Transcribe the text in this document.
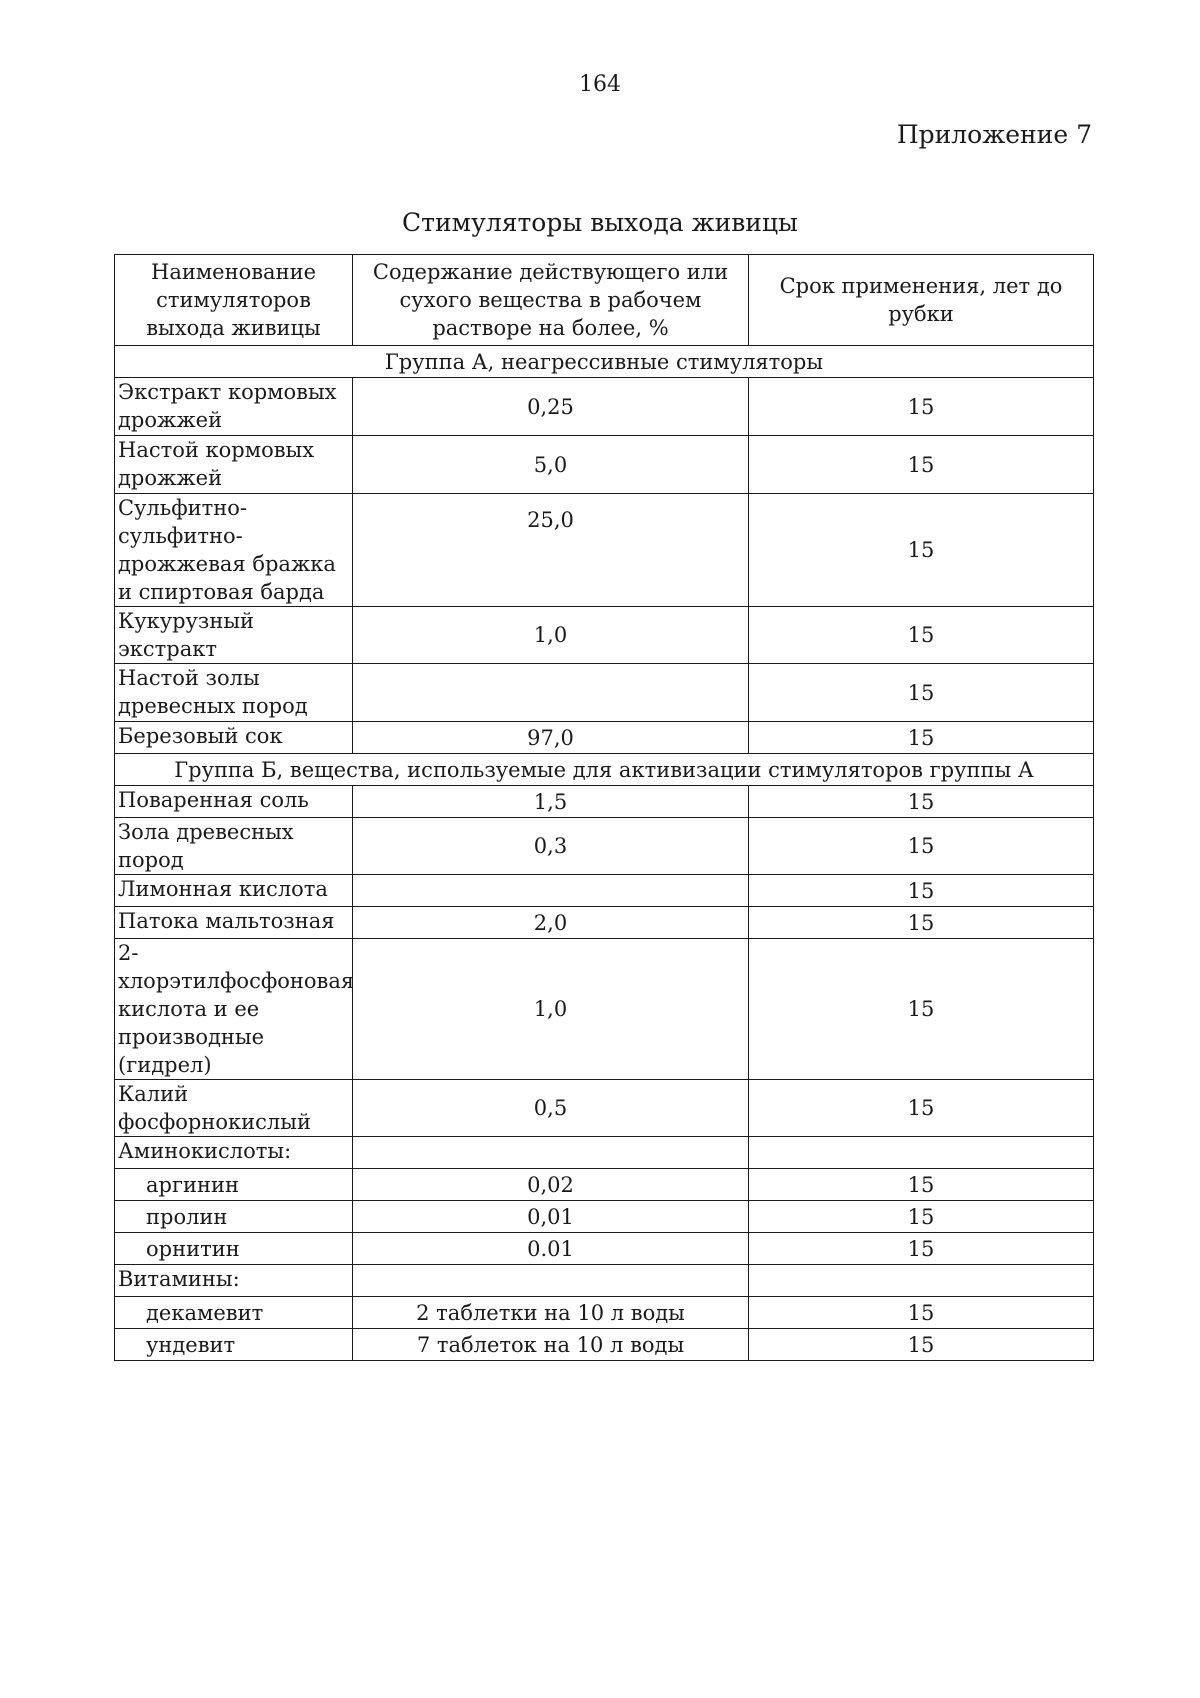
164
Приложение 7
Стимуляторы выхода живицы
Наименование стимуляторов выхода живицы	Содержание действующего или сухого вещества в рабочем растворе на более, %	Срок применения, лет до рубки
Группа А, неагрессивные стимуляторы		
Экстракт кормовых дрожжей	0,25	15
Настой кормовых дрожжей	5,0	15
Сульфитно-сульфитно-дрожжевая бражка и спиртовая барда	25,0	15
Кукурузный экстракт	1,0	15
Настой золы древесных пород		15
Березовый сок	97,0	15
Группа Б, вещества, используемые для активизации стимуляторов группы А		
Поваренная соль	1,5	15
Зола древесных пород	0,3	15
Лимонная кислота		15
Патока мальтозная	2,0	15
2-хлорэтилфосфоновая кислота и ее производные (гидрел)	1,0	15
Калий фосфорнокислый	0,5	15
Аминокислоты:		
аргинин	0,02	15
пролин	0,01	15
орнитин	0.01	15
Витамины:		
декамевит	2 таблетки на 10 л воды	15
ундевит	7 таблеток на 10 л воды	15
